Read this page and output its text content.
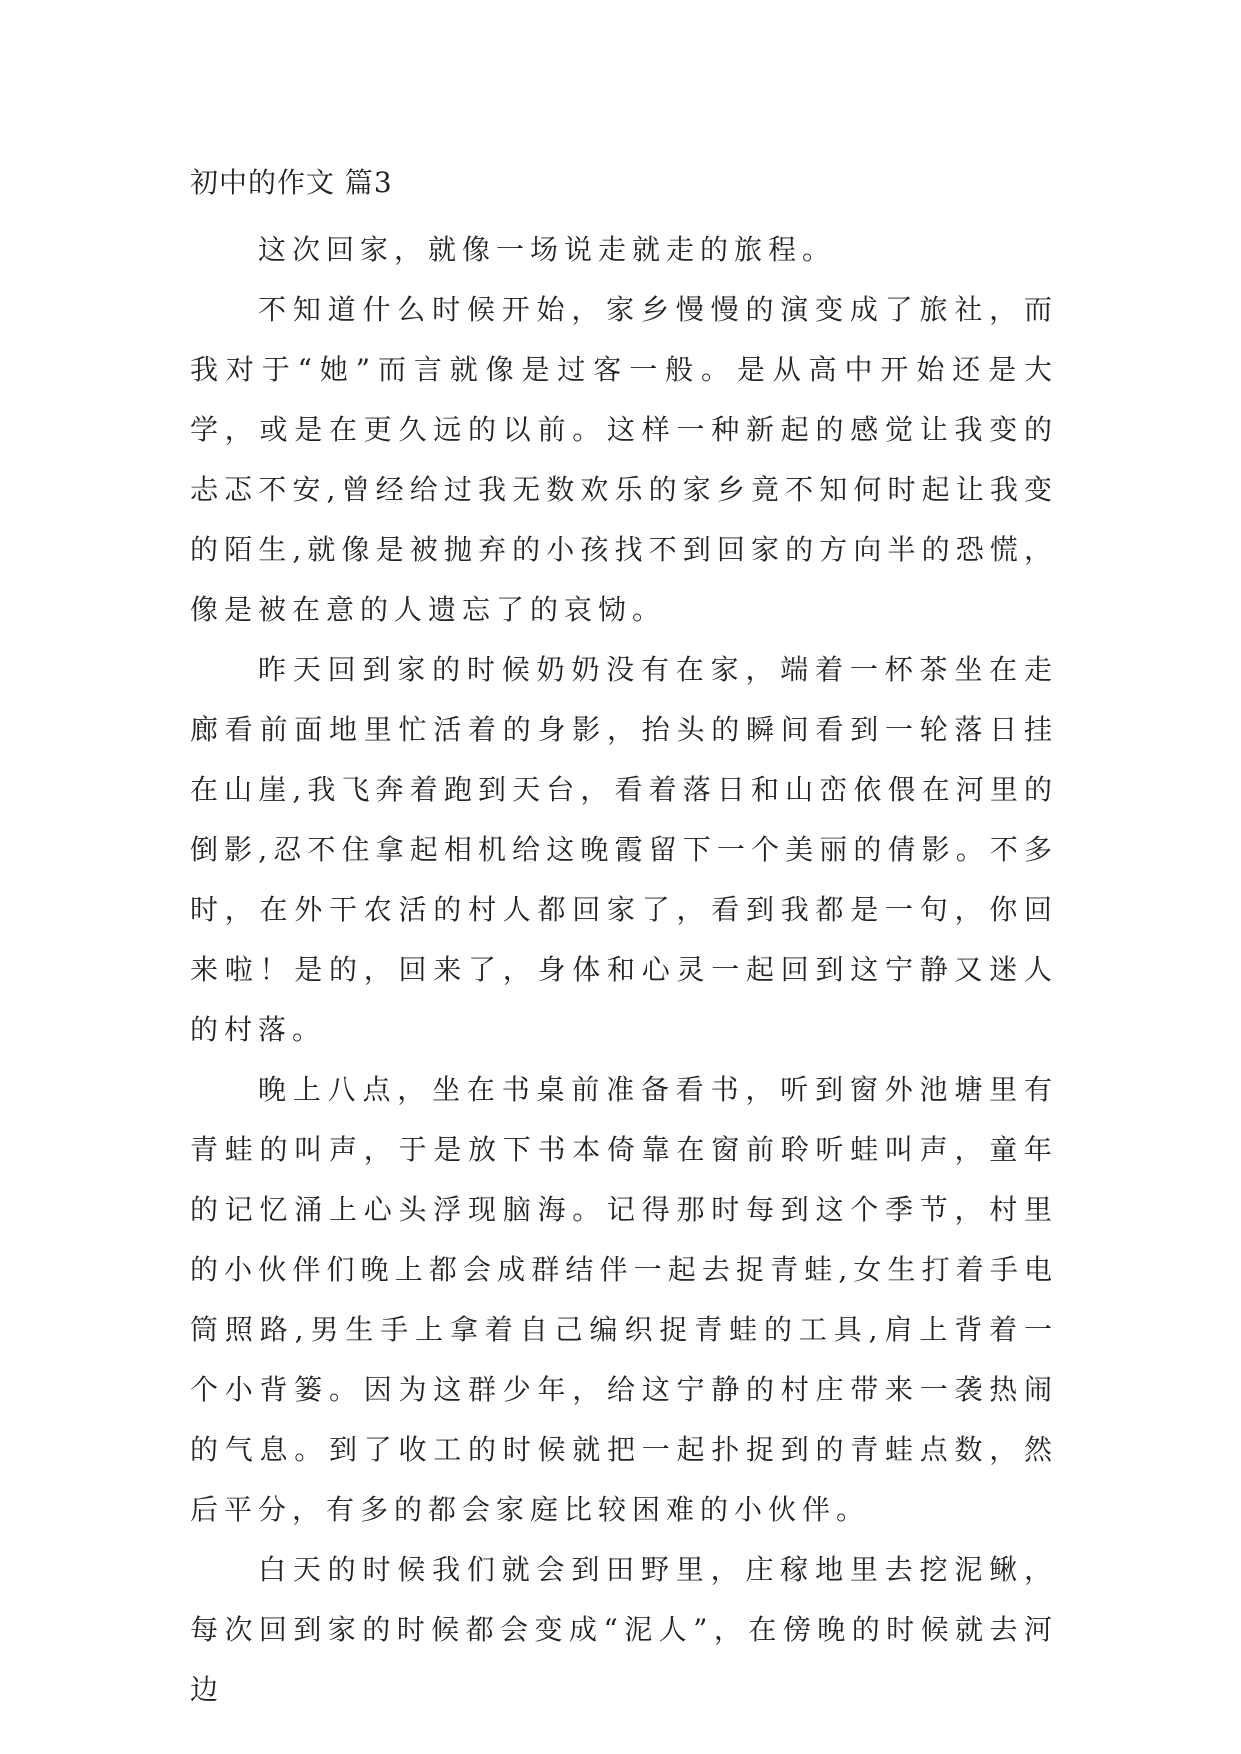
初中的作文 篇3

这次回家，就像一场说走就走的旅程。

不知道什么时候开始，家乡慢慢的演变成了旅社，而我对于“她”而言就像是过客一般。是从高中开始还是大学，或是在更久远的以前。这样一种新起的感觉让我变的忐忑不安,曾经给过我无数欢乐的家乡竟不知何时起让我变的陌生,就像是被抛弃的小孩找不到回家的方向半的恐慌，像是被在意的人遗忘了的哀恸。

昨天回到家的时候奶奶没有在家，端着一杯茶坐在走廊看前面地里忙活着的身影，抬头的瞬间看到一轮落日挂在山崖,我飞奔着跑到天台，看着落日和山峦依偎在河里的倒影,忍不住拿起相机给这晚霞留下一个美丽的倩影。不多时，在外干农活的村人都回家了，看到我都是一句，你回来啦！是的，回来了，身体和心灵一起回到这宁静又迷人的村落。

晚上八点，坐在书桌前准备看书，听到窗外池塘里有青蛙的叫声，于是放下书本倚靠在窗前聆听蛙叫声，童年的记忆涌上心头浮现脑海。记得那时每到这个季节，村里的小伙伴们晚上都会成群结伴一起去捉青蛙,女生打着手电筒照路,男生手上拿着自己编织捉青蛙的工具,肩上背着一个小背篓。因为这群少年，给这宁静的村庄带来一袭热闹的气息。到了收工的时候就把一起扑捉到的青蛙点数，然后平分，有多的都会家庭比较困难的小伙伴。

白天的时候我们就会到田野里，庄稼地里去挖泥鳅，每次回到家的时候都会变成“泥人”，在傍晚的时候就去河边
